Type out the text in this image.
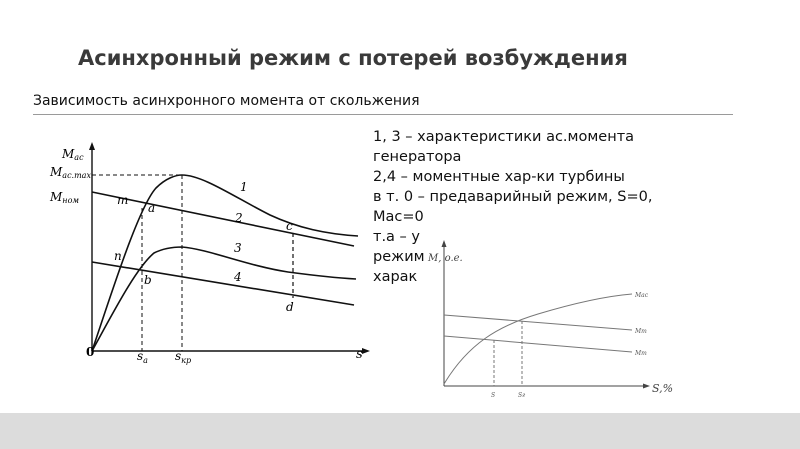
Асинхронный режим с потерей возбуждения
Зависимость асинхронного момента от скольжения
1, 3 – характеристики ас.момента
генератора
2,4 – моментные хар-ки турбины
в т. 0 – предаварийный режим, S=0,
Mac=0
т.а – у
режим
харак
Mас
Mас.max
Mном
0	s
$s_a$ $s_{кр}$
1
2
3
4
m
a
c
n
b
d
M, o.e.
S,%
Mac
Mт
Mт
S	Sг
